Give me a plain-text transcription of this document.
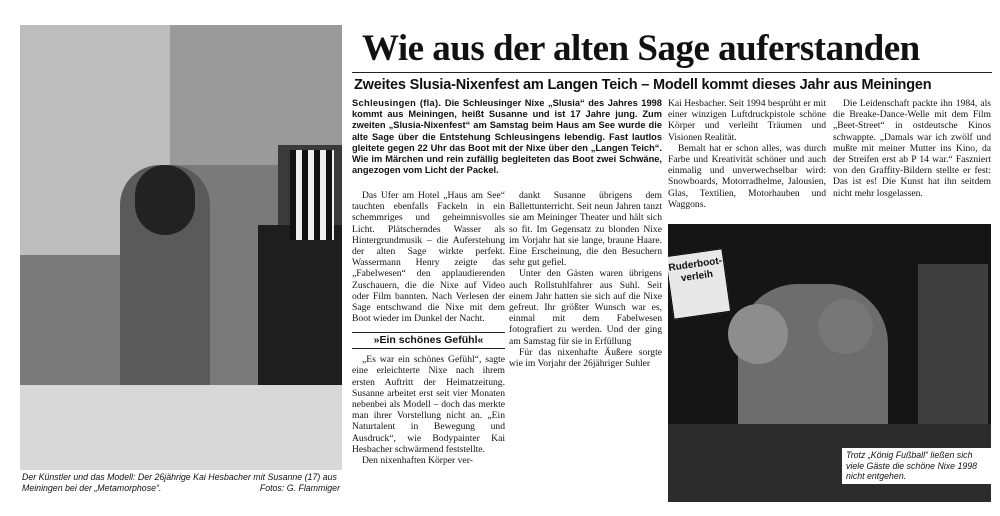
Der Künstler und das Modell: Der 26jährige Kai Hesbacher mit Susanne (17) aus Meiningen bei der „Metamorphose“.	Fotos: G. Flammiger
Wie aus der alten Sage auferstanden
Zweites Slusia-Nixenfest am Langen Teich – Modell kommt dieses Jahr aus Meiningen
Schleusingen (fla). Die Schleusinger Nixe „Slusia“ des Jahres 1998 kommt aus Meiningen, heißt Susanne und ist 17 Jahre jung. Zum zweiten „Slusia-Nixenfest“ am Samstag beim Haus am See wurde die alte Sage über die Entstehung Schleusingens lebendig. Fast lautlos gleitete gegen 22 Uhr das Boot mit der Nixe über den „Langen Teich“. Wie im Märchen und rein zufällig begleiteten das Boot zwei Schwäne, angezogen vom Licht der Packel.

Das Ufer am Hotel „Haus am See“ tauchten ebenfalls Fackeln in ein schemmriges und geheimnisvolles Licht. Plätscherndes Wasser als Hintergrundmusik – die Auferstehung der alten Sage wirkte perfekt. Wassermann Henry zeigte das „Fabelwesen“ den applaudierenden Zuschauern, die die Nixe auf Video oder Film bannten. Nach Verlesen der Sage entschwand die Nixe mit dem Boot wieder im Dunkel der Nacht.

»Ein schönes Gefühl«

„Es war ein schönes Gefühl“, sagte eine erleichterte Nixe nach ihrem ersten Auftritt der Heimatzeitung. Susanne arbeitet erst seit vier Monaten nebenbei als Modell – doch das merkte man ihrer Vorstellung nicht an. „Ein Naturtalent in Bewegung und Ausdruck“, wie Bodypainter Kai Hesbacher schwärmend feststellte.

Den nixenhaften Körper ver-

dankt Susanne übrigens dem Ballettunterricht. Seit neun Jahren tanzt sie am Meininger Theater und hält sich so fit. Im Gegensatz zu blonden Nixe im Vorjahr hat sie lange, braune Haare. Eine Erscheinung, die den Besuchern sehr gut gefiel.

Unter den Gästen waren übrigens auch Rollstuhlfahrer aus Suhl. Seit einem Jahr hatten sie sich auf die Nixe gefreut. Ihr größter Wunsch war es, einmal mit dem Fabelwesen fotografiert zu werden. Und der ging am Samstag für sie in Erfüllung

Für das nixenhafte Äußere sorgte wie im Vorjahr der 26jähriger Suhler

Kai Hesbacher. Seit 1994 besprüht er mit einer winzigen Luftdruckpistole schöne Körper und verleiht Träumen und Visionen Realität.

Bemalt hat er schon alles, was durch Farbe und Kreativität schöner und auch einmalig und unverwechselbar wird: Snowboards, Motorradhelme, Jalousien, Glas, Textilien, Motorhauben und Waggons.

Die Leidenschaft packte ihn 1984, als die Breake-Dance-Welle mit dem Film „Beet-Street“ in ostdeutsche Kinos schwappte. „Damals war ich zwölf und mußte mit meiner Mutter ins Kino, da der Streifen erst ab P 14 war.“ Faszniert von den Graffity-Bildern stellte er fest: Das ist es! Die Kunst hat ihn seitdem nicht mehr losgelassen.

Ruderboot-verleih
Trotz „König Fußball“ ließen sich viele Gäste die schöne Nixe 1998 nicht entgehen.
